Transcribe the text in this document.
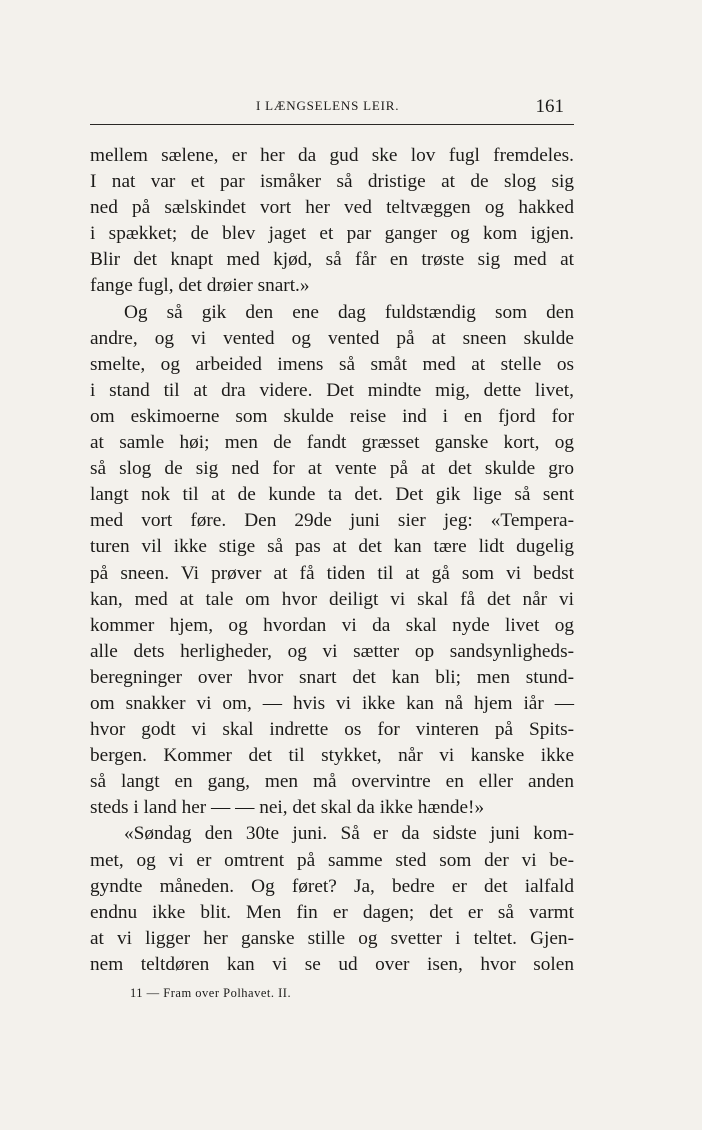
I LÆNGSELENS LEIR.	161
mellem sælene, er her da gud ske lov fugl fremdeles.
I nat var et par ismåker så dristige at de slog sig
ned på sælskindet vort her ved teltvæggen og hakked
i spækket; de blev jaget et par ganger og kom igjen.
Blir det knapt med kjød, så får en trøste sig med at
fange fugl, det drøier snart.»
Og så gik den ene dag fuldstændig som den
andre, og vi vented og vented på at sneen skulde
smelte, og arbeided imens så småt med at stelle os
i stand til at dra videre. Det mindte mig, dette livet,
om eskimoerne som skulde reise ind i en fjord for
at samle høi; men de fandt græsset ganske kort, og
så slog de sig ned for at vente på at det skulde gro
langt nok til at de kunde ta det. Det gik lige så sent
med vort føre. Den 29de juni sier jeg: «Tempera-
turen vil ikke stige så pas at det kan tære lidt dugelig
på sneen. Vi prøver at få tiden til at gå som vi bedst
kan, med at tale om hvor deiligt vi skal få det når vi
kommer hjem, og hvordan vi da skal nyde livet og
alle dets herligheder, og vi sætter op sandsynligheds-
beregninger over hvor snart det kan bli; men stund-
om snakker vi om, — hvis vi ikke kan nå hjem iår —
hvor godt vi skal indrette os for vinteren på Spits-
bergen. Kommer det til stykket, når vi kanske ikke
så langt en gang, men må overvintre en eller anden
steds i land her — — nei, det skal da ikke hænde!»
«Søndag den 30te juni. Så er da sidste juni kom-
met, og vi er omtrent på samme sted som der vi be-
gyndte måneden. Og føret? Ja, bedre er det ialfald
endnu ikke blit. Men fin er dagen; det er så varmt
at vi ligger her ganske stille og svetter i teltet. Gjen-
nem teltdøren kan vi se ud over isen, hvor solen
11 — Fram over Polhavet. II.
